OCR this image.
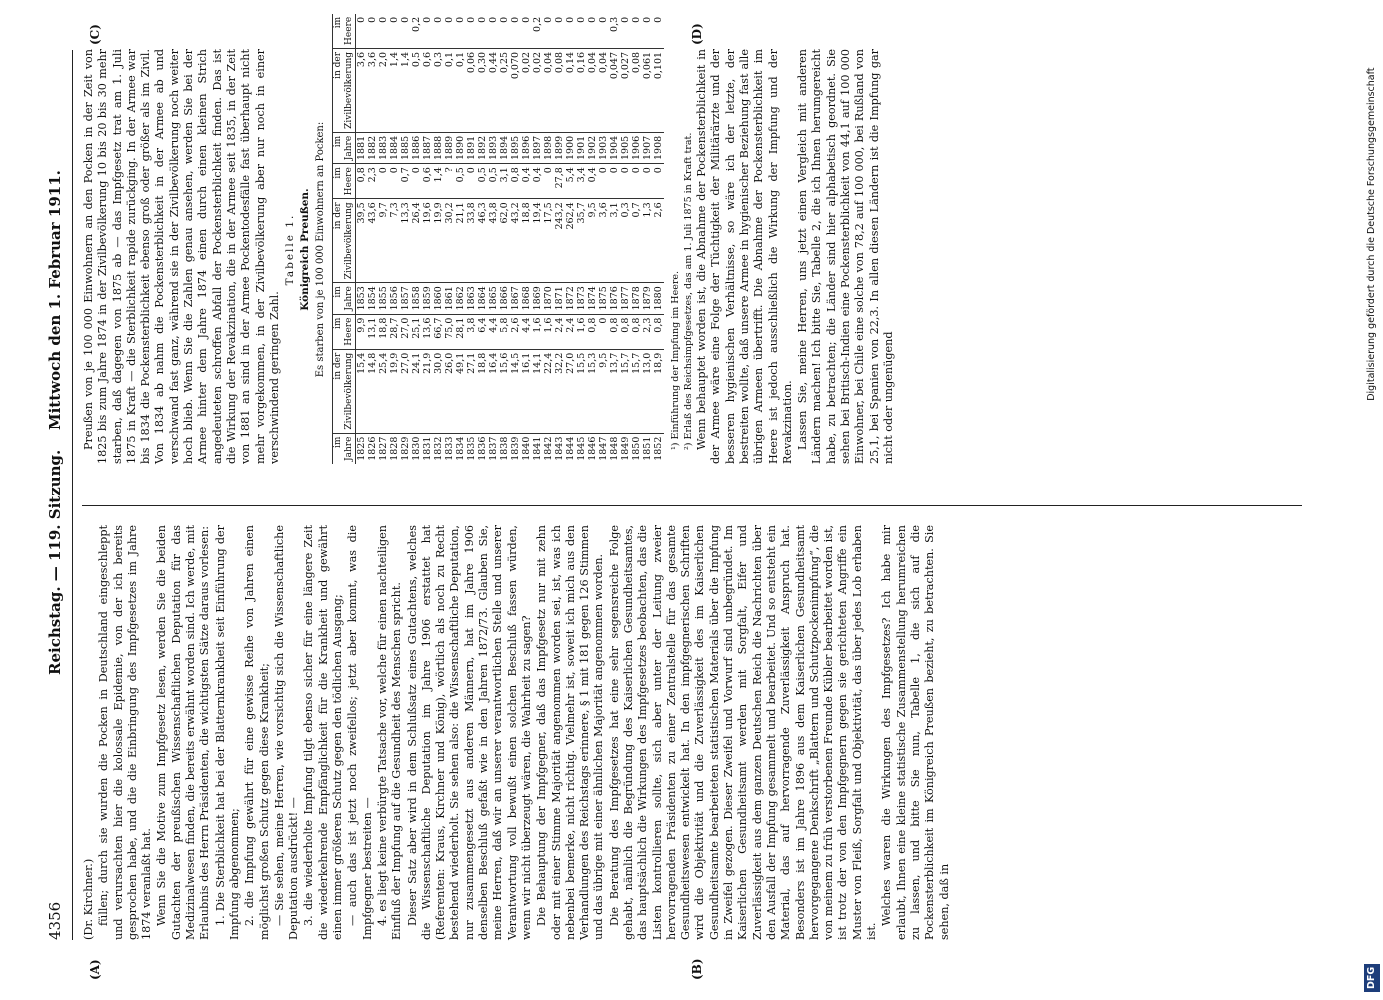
4356
Reichstag. — 119. Sitzung.
Mittwoch den 1. Februar 1911.
(A)	(B)
(C)	(D)

(Dr. Kirchner.) füllen; durch sie wurden die Pocken in Deutschland eingeschleppt und verursachten hier die kolossale Epidemie, von der ich bereits gesprochen habe, und die die Einbringung des Impfgesetzes im Jahre 1874 veranlaßt hat. Wenn Sie die Motive zum Impfgesetz lesen, werden Sie die beiden Gutachten der preußischen Wissenschaftlichen Deputation für das Medizinalwesen finden, die bereits erwähnt worden sind. Ich werde, mit Erlaubnis des Herrn Präsidenten, die wichtigsten Sätze daraus vorlesen: 1. Die Sterblichkeit hat bei der Blatternkrankheit seit Einführung der Impfung abgenommen; 2. die Impfung gewährt für eine gewisse Reihe von Jahren einen möglichst großen Schutz gegen diese Krankheit; — Sie sehen, meine Herren, wie vorsichtig sich die Wissenschaftliche Deputation ausdrückt! — 3. die wiederholte Impfung tilgt ebenso sicher für eine längere Zeit die wiederkehrende Empfänglichkeit für die Krankheit und gewährt einen immer größeren Schutz gegen den tödlichen Ausgang; — auch das ist jetzt noch zweifellos; jetzt aber kommt, was die Impfgegner bestreiten — 4. es liegt keine verbürgte Tatsache vor, welche für einen nachteiligen Einfluß der Impfung auf die Gesundheit des Menschen spricht. Dieser Satz aber wird in dem Schlußsatz eines Gutachtens, welches die Wissenschaftliche Deputation im Jahre 1906 erstattet hat (Referenten: Kraus, Kirchner und König), wörtlich als noch zu Recht bestehend wiederholt. Sie sehen also: die Wissenschaftliche Deputation, nur zusammengesetzt aus anderen Männern, hat im Jahre 1906 denselben Beschluß gefaßt wie in den Jahren 1872/73. Glauben Sie, meine Herren, daß wir an unserer verantwortlichen Stelle und unserer Verantwortung voll bewußt einen solchen Beschluß fassen würden, wenn wir nicht überzeugt wären, die Wahrheit zu sagen? Die Behauptung der Impfgegner, daß das Impfgesetz nur mit zehn oder mit einer Stimme Majorität angenommen worden sei, ist, was ich nebenbei bemerke, nicht richtig. Vielmehr ist, soweit ich mich aus den Verhandlungen des Reichstags erinnere, § 1 mit 181 gegen 126 Stimmen und das übrige mit einer ähnlichen Majorität angenommen worden. Die Beratung des Impfgesetzes hat eine sehr segensreiche Folge gehabt, nämlich die Begründung des Kaiserlichen Gesundheitsamtes, das hauptsächlich die Wirkungen des Impfgesetzes beobachten, das die Listen kontrollieren sollte, sich aber unter der Leitung zweier hervorragenden Präsidenten zu einer Zentralstelle für das gesamte Gesundheitswesen entwickelt hat. In den impfgegnerischen Schriften wird die Objektivität und die Zuverlässigkeit des im Kaiserlichen Gesundheitsamte bearbeiteten statistischen Materials über die Impfung in Zweifel gezogen. Dieser Zweifel und Vorwurf sind unbegründet. Im Kaiserlichen Gesundheitsamt werden mit Sorgfalt, Eifer und Zuverlässigkeit aus dem ganzen Deutschen Reich die Nachrichten über den Ausfall der Impfung gesammelt und bearbeitet. Und so entsteht ein Material, das auf hervorragende Zuverlässigkeit Anspruch hat. Besonders ist im Jahre 1896 aus dem Kaiserlichen Gesundheitsamt hervorgegangene Denkschrift „Blattern und Schutzpockenimpfung“, die von meinem zu früh verstorbenen Freunde Kübler bearbeitet worden ist, ist trotz der von den Impfgegnern gegen sie gerichteten Angriffe ein Muster von Fleiß, Sorgfalt und Objektivität, das über jedes Lob erhaben ist.

Welches waren die Wirkungen des Impfgesetzes? Ich habe mir erlaubt, Ihnen eine kleine statistische Zusammenstellung herumreichen zu lassen, und bitte Sie nun, Tabelle 1, die sich auf die Pockensterblichkeit im Königreich Preußen bezieht, zu betrachten. Sie sehen, daß in

Preußen von je 100 000 Einwohnern an den Pocken in der Zeit von 1825 bis zum Jahre 1874 in der Zivilbevölkerung 10 bis 20 bis 30 mehr starben, daß dagegen von 1875 ab — das Impfgesetz trat am 1. Juli 1875 in Kraft — die Sterblichkeit rapide zurückging. In der Armee war bis 1834 die Pockensterblichkeit ebenso groß oder größer als im Zivil. Von 1834 ab nahm die Pockensterblichkeit in der Armee ab und verschwand fast ganz, während sie in der Zivilbevölkerung noch weiter hoch blieb. Wenn Sie die Zahlen genau ansehen, werden Sie bei der Armee hinter dem Jahre 1874 einen durch einen kleinen Strich angedeuteten schroffen Abfall der Pockensterblichkeit finden. Das ist die Wirkung der Revakzination, die in der Armee seit 1835, in der Zeit von 1881 an sind in der Armee Pockentodesfälle fast überhaupt nicht mehr vorgekommen, in der Zivilbevölkerung aber nur noch in einer verschwindend geringen Zahl.

Tabelle 1. Königreich Preußen. Es starben von je 100 000 Einwohnern an Pocken:

im Jahre	in der Zivilbevölkerung	im Heere	im Jahre	in der Zivilbevölkerung	im Heere	im Jahre	in der Zivilbevölkerung	im Heere
1825	15,4	9,9	1853	39,5	0,8	1881	3,6	0
1826	14,8	13,1	1854	43,6	2,3	1882	3,6	0
1827	25,4	18,8	1855	9,7	0	1883	2,0	0
1828	19,9	28,7	1856	7,3	0	1884	1,4	0
1829	27,0	27,0	1857	13,3	0,7	1885	1,4	0
1830	24,1	25,1	1858	26,4	0	1886	0,5	0,2
1831	21,9	13,6	1859	19,6	0,6	1887	0,6	0
1832	30,0	66,7	1860	19,9	1,4	1888	0,3	0
1833	26,0	75,0	1861	30,2	?	1889	0,1	0
1834	49,1	28,1	1862	21,1	0,5	1890	0,1	0
1835	27,1	3,8	1863	33,8	0	1891	0,06	0
1836	18,8	6,4	1864	46,3	0,5	1892	0,30	0
1837	16,4	4,4	1865	43,8	0,5	1893	0,44	0
1838	15,6	5,8	1866	62,0	3,1	1894	0,25	0
1839	14,5	2,6	1867	43,2	0,8	1895	0,070	0
1840	16,1	4,4	1868	18,8	0,4	1896	0,02	0
1841	14,1	1,6	1869	19,4	0,4	1897	0,02	0,2
1842	22,4	1,6	1870	17,5	0	1898	0,04	0
1843	32,2	2,4	1871	243,2	27,8	1899	0,08	0
1844	27,0	2,4	1872	262,4	5,4	1900	0,14	0
1845	15,5	1,6	1873	35,7	3,4	1901	0,16	0
1846	15,3	0,8	1874	9,5	0,4	1902	0,04	0
1847	9,5	0	1875	3,6	0	1903	0,04	0
1848	13,7	0,8	1876	3,1	0	1904	0,047	0,3
1849	15,7	0,8	1877	0,3	0	1905	0,027	0
1850	15,7	0,8	1878	0,7	0	1906	0,08	0
1851	13,0	2,3	1879	1,3	0	1907	0,061	0
1852	18,9	0,8	1880	2,6	0	1908	0,101	0

¹) Einführung der Impfung im Heere. ²) Erlaß des Reichsimpfgesetzes, das am 1. Juli 1875 in Kraft trat. Wenn behauptet worden ist, die Abnahme der Pockensterblichkeit in der Armee wäre eine Folge der Tüchtigkeit der Militärärzte und der besseren hygienischen Verhältnisse, so wäre ich der letzte, der bestreiten wollte, daß unsere Armee in hygienischer Beziehung fast alle übrigen Armeen übertrifft. Die Abnahme der Pockensterblichkeit im Heere ist jedoch ausschließlich die Wirkung der Impfung und der Revakzination. Lassen Sie, meine Herren, uns jetzt einen Vergleich mit anderen Ländern machen! Ich bitte Sie, Tabelle 2, die ich Ihnen herumgereicht habe, zu betrachten; die Länder sind hier alphabetisch geordnet. Sie sehen bei Britisch-Indien eine Pockensterblichkeit von 44,1 auf 100 000 Einwohner, bei Chile eine solche von 78,2 auf 100 000, bei Rußland von 25,1, bei Spanien von 22,3. In allen diesen Ländern ist die Impfung gar nicht oder ungenügend

DFG Digitalisierung gefördert durch die Deutsche Forschungsgemeinschaft
